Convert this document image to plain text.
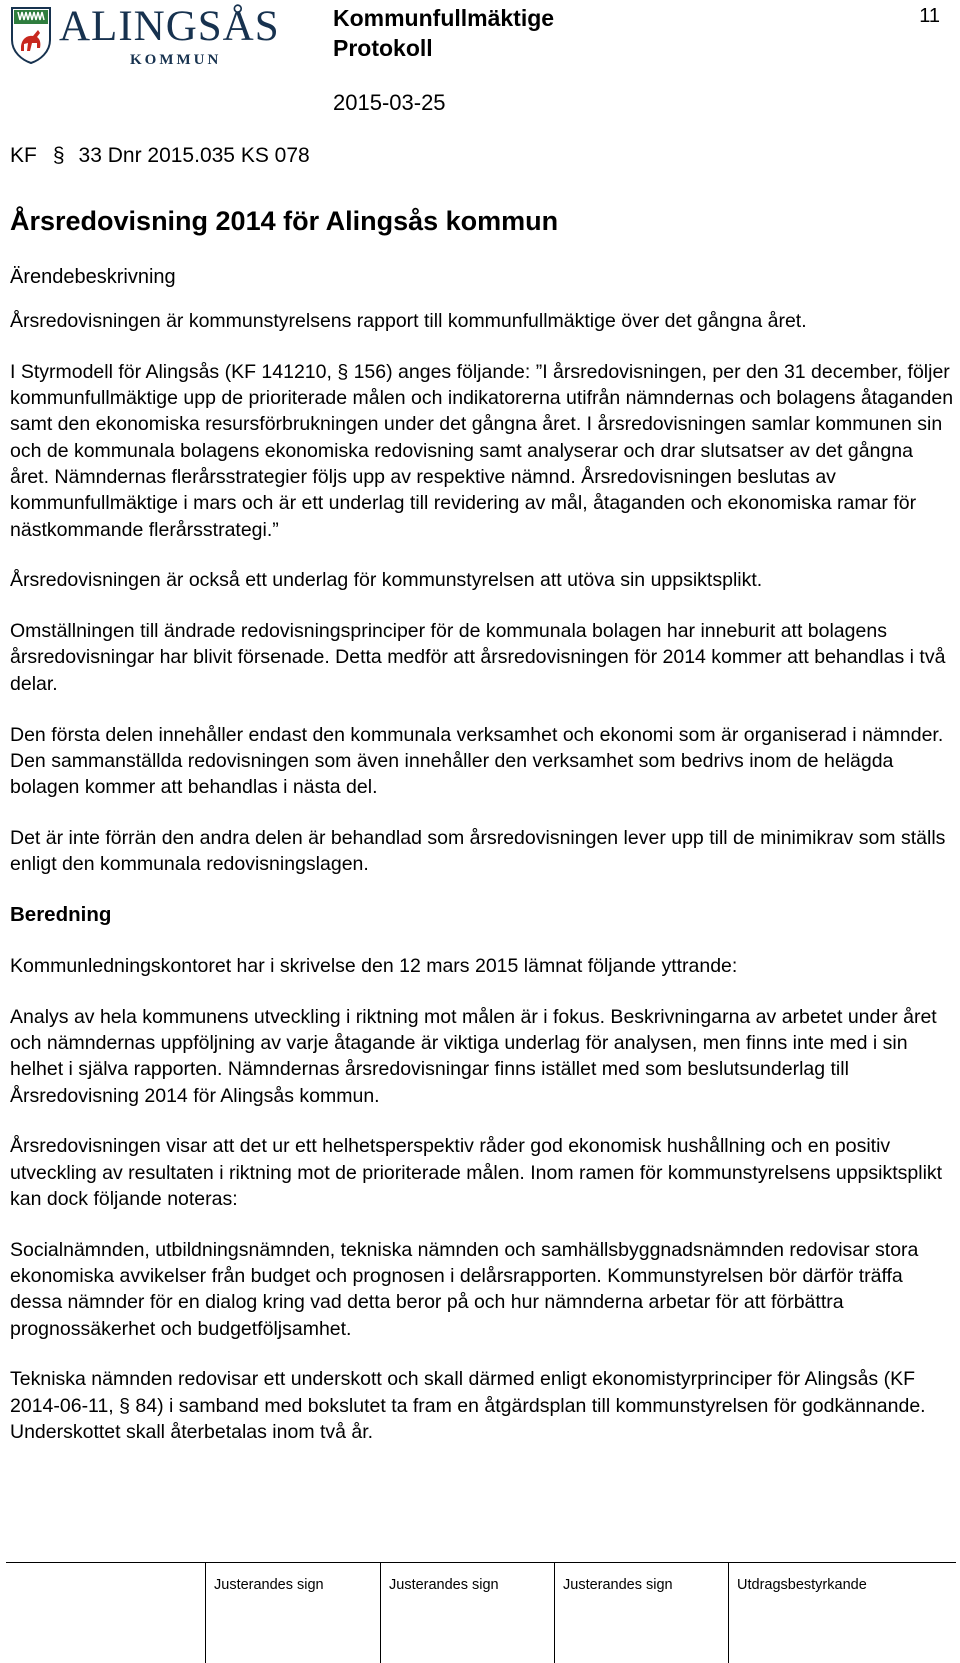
ALINGSÅS
KOMMUN
Kommunfullmäktige
Protokoll
11
2015-03-25
KF § 33 Dnr 2015.035 KS 078
Årsredovisning 2014 för Alingsås kommun
Ärendebeskrivning

Årsredovisningen är kommunstyrelsens rapport till kommunfullmäktige över det gångna året.

I Styrmodell för Alingsås (KF 141210, § 156) anges följande: ”I årsredovisningen, per den 31 december, följer kommunfullmäktige upp de prioriterade målen och indikatorerna utifrån nämndernas och bolagens åtaganden samt den ekonomiska resursförbrukningen under det gångna året. I årsredovisningen samlar kommunen sin och de kommunala bolagens ekonomiska redovisning samt analyserar och drar slutsatser av det gångna året. Nämndernas flerårsstrategier följs upp av respektive nämnd. Årsredovisningen beslutas av kommunfullmäktige i mars och är ett underlag till revidering av mål, åtaganden och ekonomiska ramar för nästkommande flerårsstrategi.”

Årsredovisningen är också ett underlag för kommunstyrelsen att utöva sin uppsiktsplikt.

Omställningen till ändrade redovisningsprinciper för de kommunala bolagen har inneburit att bolagens årsredovisningar har blivit försenade. Detta medför att årsredovisningen för 2014 kommer att behandlas i två delar.

Den första delen innehåller endast den kommunala verksamhet och ekonomi som är organiserad i nämnder. Den sammanställda redovisningen som även innehåller den verksamhet som bedrivs inom de helägda bolagen kommer att behandlas i nästa del.

Det är inte förrän den andra delen är behandlad som årsredovisningen lever upp till de minimikrav som ställs enligt den kommunala redovisningslagen.

Beredning

Kommunledningskontoret har i skrivelse den 12 mars 2015 lämnat följande yttrande:

Analys av hela kommunens utveckling i riktning mot målen är i fokus. Beskrivningarna av arbetet under året och nämndernas uppföljning av varje åtagande är viktiga underlag för analysen, men finns inte med i sin helhet i själva rapporten. Nämndernas årsredovisningar finns istället med som beslutsunderlag till Årsredovisning 2014 för Alingsås kommun.

Årsredovisningen visar att det ur ett helhetsperspektiv råder god ekonomisk hushållning och en positiv utveckling av resultaten i riktning mot de prioriterade målen. Inom ramen för kommunstyrelsens uppsiktsplikt kan dock följande noteras:

Socialnämnden, utbildningsnämnden, tekniska nämnden och samhällsbyggnadsnämnden redovisar stora ekonomiska avvikelser från budget och prognosen i delårsrapporten. Kommunstyrelsen bör därför träffa dessa nämnder för en dialog kring vad detta beror på och hur nämnderna arbetar för att förbättra prognossäkerhet och budgetföljsamhet.

Tekniska nämnden redovisar ett underskott och skall därmed enligt ekonomistyrprinciper för Alingsås (KF 2014-06-11, § 84) i samband med bokslutet ta fram en åtgärdsplan till kommunstyrelsen för godkännande. Underskottet skall återbetalas inom två år.

Justerandes sign	Justerandes sign	Justerandes sign	Utdragsbestyrkande
